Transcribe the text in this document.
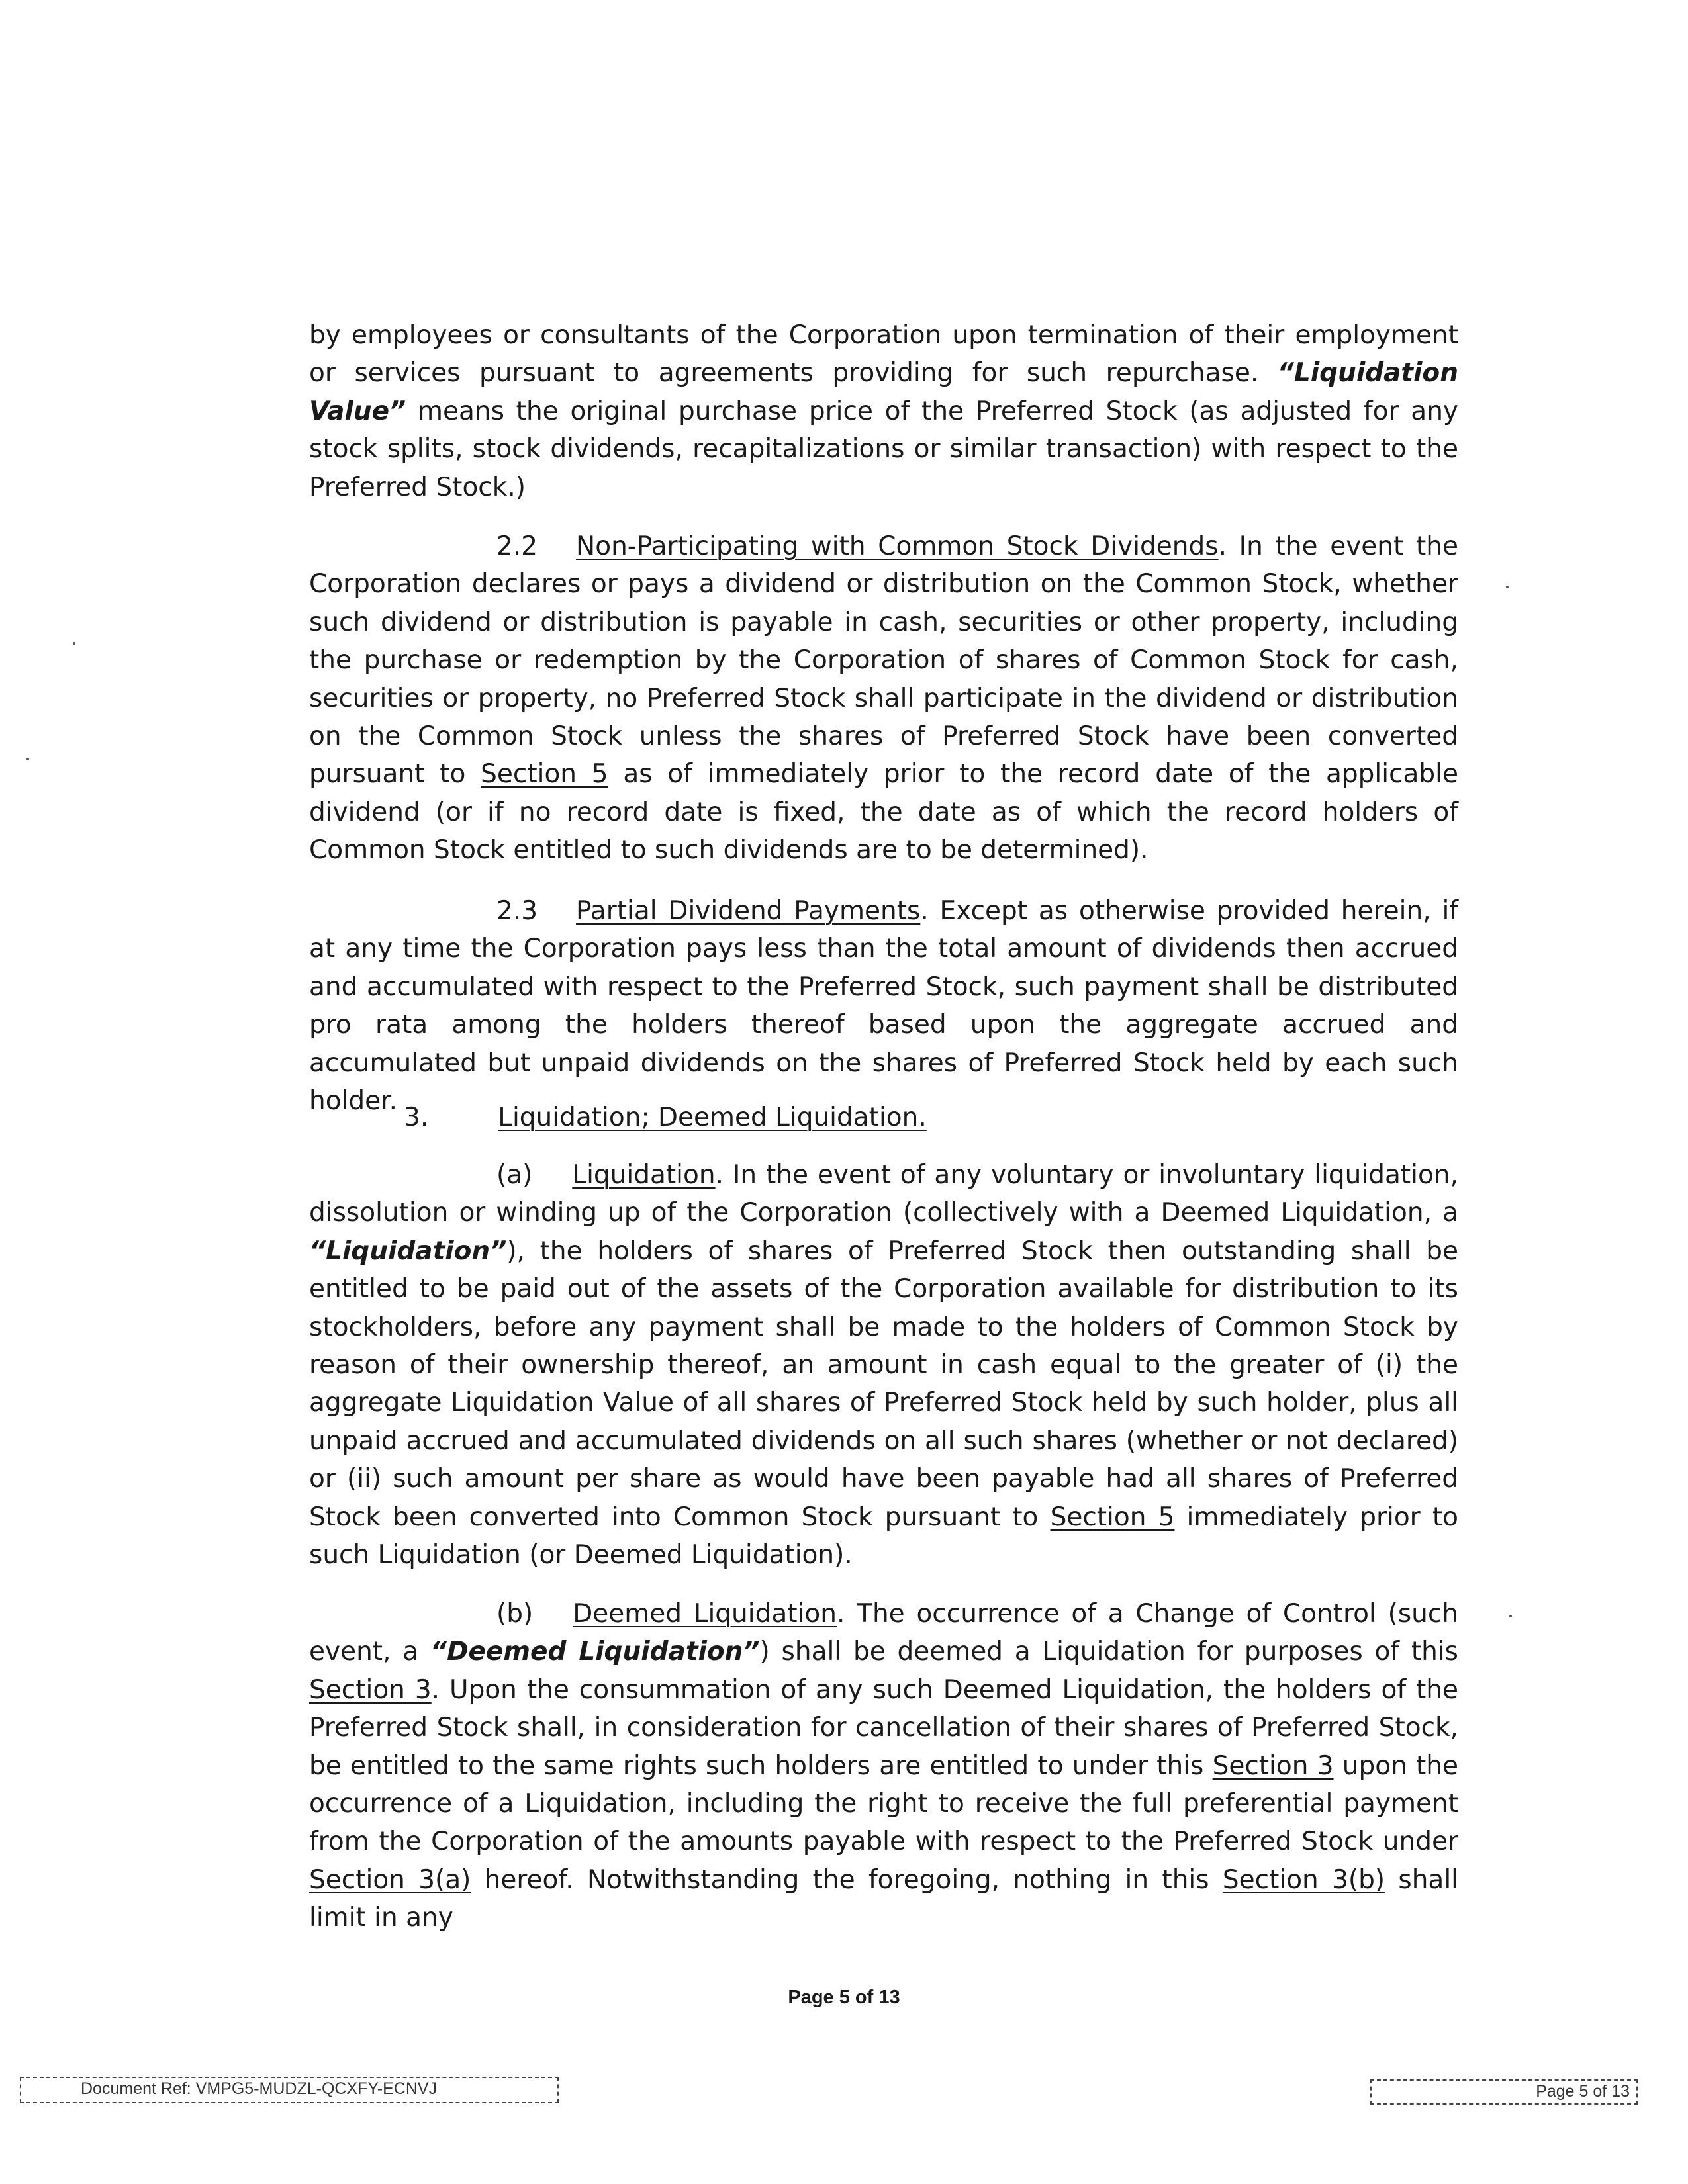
by employees or consultants of the Corporation upon termination of their employment or services pursuant to agreements providing for such repurchase. “Liquidation Value” means the original purchase price of the Preferred Stock (as adjusted for any stock splits, stock dividends, recapitalizations or similar transaction) with respect to the Preferred Stock.)

2.2 Non-Participating with Common Stock Dividends. In the event the Corporation declares or pays a dividend or distribution on the Common Stock, whether such dividend or distribution is payable in cash, securities or other property, including the purchase or redemption by the Corporation of shares of Common Stock for cash, securities or property, no Preferred Stock shall participate in the dividend or distribution on the Common Stock unless the shares of Preferred Stock have been converted pursuant to Section 5 as of immediately prior to the record date of the applicable dividend (or if no record date is fixed, the date as of which the record holders of Common Stock entitled to such dividends are to be determined).

2.3 Partial Dividend Payments. Except as otherwise provided herein, if at any time the Corporation pays less than the total amount of dividends then accrued and accumulated with respect to the Preferred Stock, such payment shall be distributed pro rata among the holders thereof based upon the aggregate accrued and accumulated but unpaid dividends on the shares of Preferred Stock held by each such holder.

3.	Liquidation; Deemed Liquidation.

(a) Liquidation. In the event of any voluntary or involuntary liquidation, dissolution or winding up of the Corporation (collectively with a Deemed Liquidation, a “Liquidation”), the holders of shares of Preferred Stock then outstanding shall be entitled to be paid out of the assets of the Corporation available for distribution to its stockholders, before any payment shall be made to the holders of Common Stock by reason of their ownership thereof, an amount in cash equal to the greater of (i) the aggregate Liquidation Value of all shares of Preferred Stock held by such holder, plus all unpaid accrued and accumulated dividends on all such shares (whether or not declared) or (ii) such amount per share as would have been payable had all shares of Preferred Stock been converted into Common Stock pursuant to Section 5 immediately prior to such Liquidation (or Deemed Liquidation).

(b) Deemed Liquidation. The occurrence of a Change of Control (such event, a “Deemed Liquidation”) shall be deemed a Liquidation for purposes of this Section 3. Upon the consummation of any such Deemed Liquidation, the holders of the Preferred Stock shall, in consideration for cancellation of their shares of Preferred Stock, be entitled to the same rights such holders are entitled to under this Section 3 upon the occurrence of a Liquidation, including the right to receive the full preferential payment from the Corporation of the amounts payable with respect to the Preferred Stock under Section 3(a) hereof. Notwithstanding the foregoing, nothing in this Section 3(b) shall limit in any

Page 5 of 13
Document Ref: VMPG5-MUDZL-QCXFY-ECNVJ	Page 5 of 13
